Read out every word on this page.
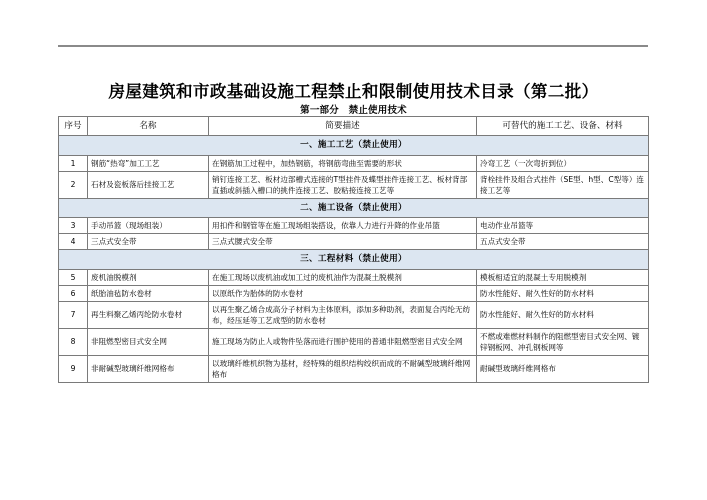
房屋建筑和市政基础设施工程禁止和限制使用技术目录（第二批）
第一部分　禁止使用技术
序号	名称	简要描述	可替代的施工工艺、设备、材料
一、施工工艺（禁止使用）			
1	钢筋“热弯”加工工艺	在钢筋加工过程中，加热钢筋，将钢筋弯曲至需要的形状	冷弯工艺（一次弯折到位）
2	石材及瓷板落后挂接工艺	销钉连接工艺、板材边部槽式连接的T型挂件及蝶型挂件连接工艺、板材背部直插或斜插入槽口的挑件连接工艺、胶粘接连接工艺等	背栓挂件及组合式挂件（SE型、h型、C型等）连接工艺等
二、施工设备（禁止使用）			
3	手动吊篮（现场组装）	用扣件和钢管等在施工现场组装搭设，依靠人力进行升降的作业吊篮	电动作业吊篮等
4	三点式安全带	三点式腰式安全带	五点式安全带
三、工程材料（禁止使用）			
5	废机油脱模剂	在施工现场以废机油或加工过的废机油作为混凝土脱模剂	模板相适宜的混凝土专用脱模剂
6	纸胎油毡防水卷材	以原纸作为胎体的防水卷材	防水性能好、耐久性好的防水材料
7	再生料聚乙烯丙纶防水卷材	以再生聚乙烯合成高分子材料为主体原料，添加多种助剂，表面复合丙纶无纺布，经压延等工艺成型的防水卷材	防水性能好、耐久性好的防水材料
8	非阻燃型密目式安全网	施工现场为防止人或物件坠落而进行围护使用的普通非阻燃型密目式安全网	不燃或难燃材料制作的阻燃型密目式安全网、镀锌钢板网、冲孔钢板网等
9	非耐碱型玻璃纤维网格布	以玻璃纤维机织物为基材，经特殊的组织结构绞织而成的不耐碱型玻璃纤维网格布	耐碱型玻璃纤维网格布
